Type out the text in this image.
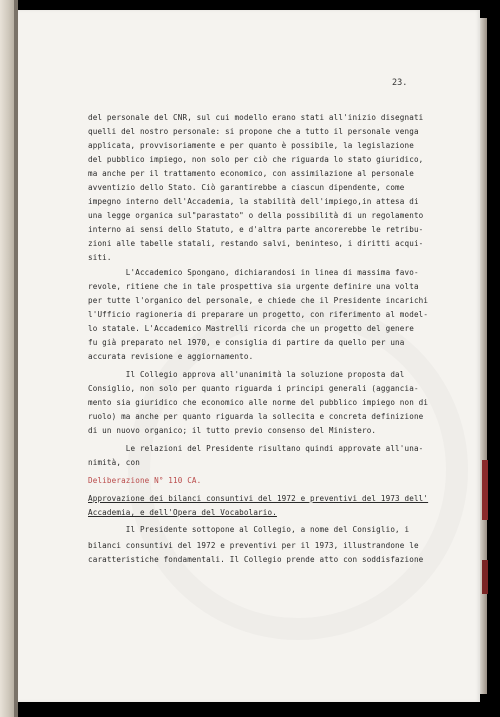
23.
del personale del CNR, sul cui modello erano stati all'inizio disegnati
quelli del nostro personale: si propone che a tutto il personale venga
applicata, provvisoriamente e per quanto è possibile, la legislazione
del pubblico impiego, non solo per ciò che riguarda lo stato giuridico,
ma anche per il trattamento economico, con assimilazione al personale
avventizio dello Stato. Ciò garantirebbe a ciascun dipendente, come
impegno interno dell'Accademia, la stabilità dell'impiego,in attesa di
una legge organica sul"parastato" o della possibilità di un regolamento
interno ai sensi dello Statuto, e d'altra parte ancorerebbe le retribu-
zioni alle tabelle statali, restando salvi, beninteso, i diritti acqui-
siti.
L'Accademico Spongano, dichiarandosi in linea di massima favo-
revole, ritiene che in tale prospettiva sia urgente definire una volta
per tutte l'organico del personale, e chiede che il Presidente incarichi
l'Ufficio ragioneria di preparare un progetto, con riferimento al model-
lo statale. L'Accademico Mastrelli ricorda che un progetto del genere
fu già preparato nel 1970, e consiglia di partire da quello per una
accurata revisione e aggiornamento.
Il Collegio approva all'unanimità la soluzione proposta dal
Consiglio, non solo per quanto riguarda i principi generali (aggancia-
mento sia giuridico che economico alle norme del pubblico impiego non di
ruolo) ma anche per quanto riguarda la sollecita e concreta definizione
di un nuovo organico; il tutto previo consenso del Ministero.
Le relazioni del Presidente risultano quindi approvate all'una-
nimità, con
Deliberazione N° 110 CA.
Approvazione dei bilanci consuntivi del 1972 e preventivi del 1973 dell'
Accademia, e dell'Opera del Vocabolario.
Il Presidente sottopone al Collegio, a nome del Consiglio, i
bilanci consuntivi del 1972 e preventivi per il 1973, illustrandone le
caratteristiche fondamentali. Il Collegio prende atto con soddisfazione
